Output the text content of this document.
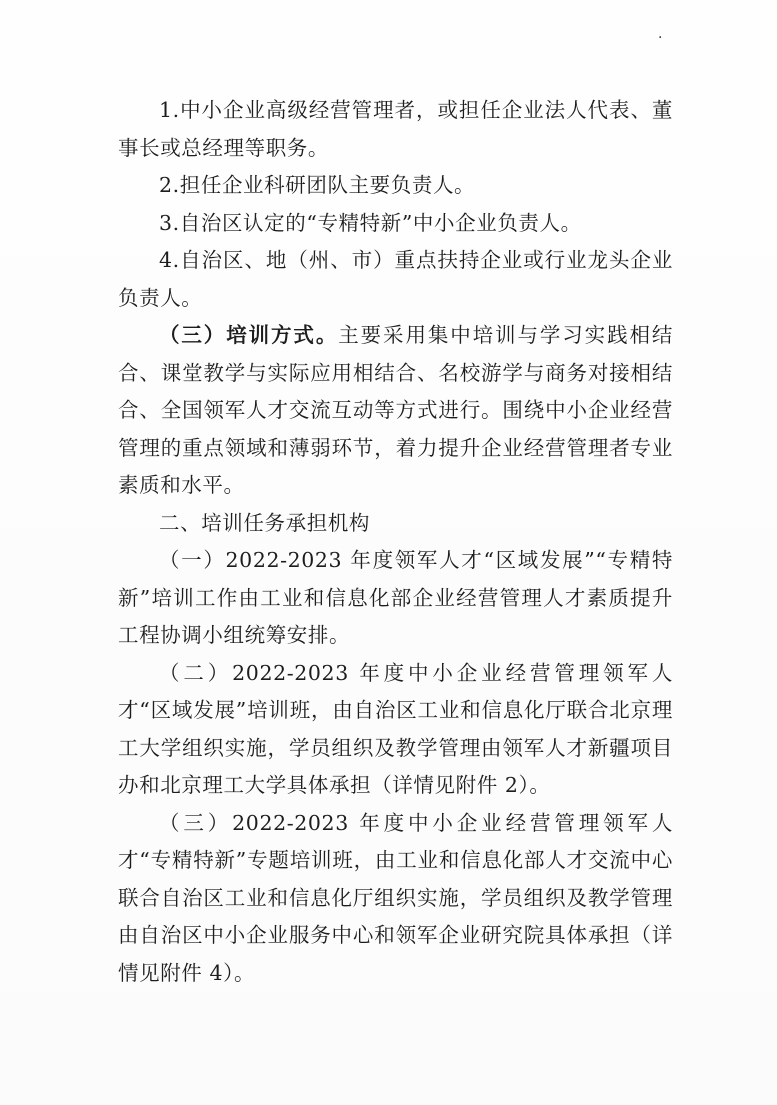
·

1.中小企业高级经营管理者，或担任企业法人代表、董事长或总经理等职务。

2.担任企业科研团队主要负责人。

3.自治区认定的“专精特新”中小企业负责人。

4.自治区、地（州、市）重点扶持企业或行业龙头企业负责人。

（三）培训方式。主要采用集中培训与学习实践相结合、课堂教学与实际应用相结合、名校游学与商务对接相结合、全国领军人才交流互动等方式进行。围绕中小企业经营管理的重点领域和薄弱环节，着力提升企业经营管理者专业素质和水平。

二、培训任务承担机构

（一）2022-2023 年度领军人才“区域发展”“专精特新”培训工作由工业和信息化部企业经营管理人才素质提升工程协调小组统筹安排。

（二）2022-2023 年度中小企业经营管理领军人才“区域发展”培训班，由自治区工业和信息化厅联合北京理工大学组织实施，学员组织及教学管理由领军人才新疆项目办和北京理工大学具体承担（详情见附件 2）。

（三）2022-2023 年度中小企业经营管理领军人才“专精特新”专题培训班，由工业和信息化部人才交流中心联合自治区工业和信息化厅组织实施，学员组织及教学管理由自治区中小企业服务中心和领军企业研究院具体承担（详情见附件 4）。
